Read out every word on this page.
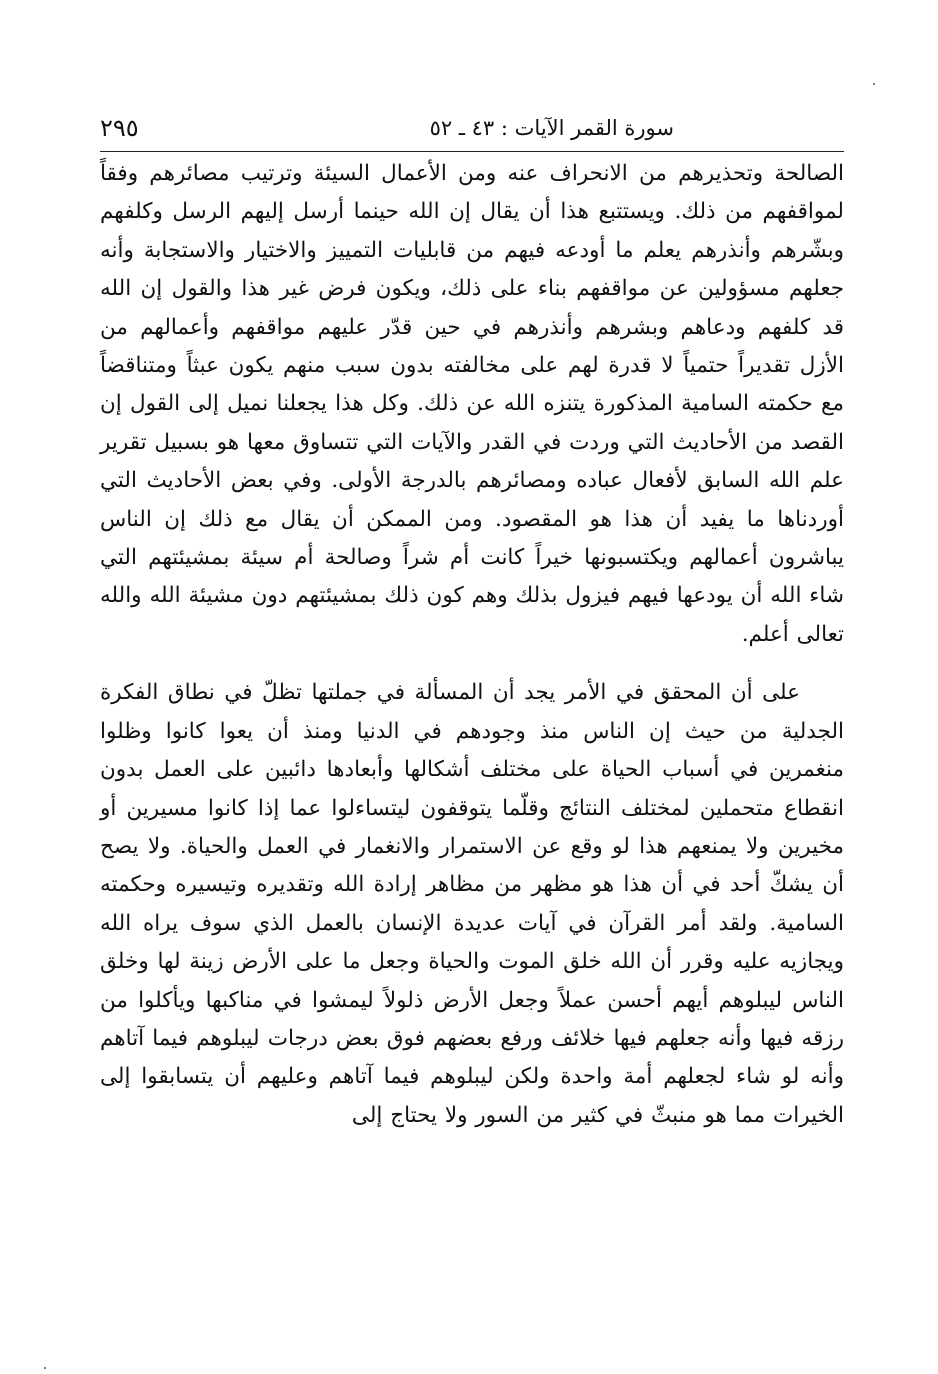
سورة القمر الآيات : ٤٣ ـ ٥٢
٢٩٥

الصالحة وتحذيرهم من الانحراف عنه ومن الأعمال السيئة وترتيب مصائرهم وفقاً لمواقفهم من ذلك. ويستتبع هذا أن يقال إن الله حينما أرسل إليهم الرسل وكلفهم وبشّرهم وأنذرهم يعلم ما أودعه فيهم من قابليات التمييز والاختيار والاستجابة وأنه جعلهم مسؤولين عن مواقفهم بناء على ذلك، ويكون فرض غير هذا والقول إن الله قد كلفهم ودعاهم وبشرهم وأنذرهم في حين قدّر عليهم مواقفهم وأعمالهم من الأزل تقديراً حتمياً لا قدرة لهم على مخالفته بدون سبب منهم يكون عبثاً ومتناقضاً مع حكمته السامية المذكورة يتنزه الله عن ذلك. وكل هذا يجعلنا نميل إلى القول إن القصد من الأحاديث التي وردت في القدر والآيات التي تتساوق معها هو بسبيل تقرير علم الله السابق لأفعال عباده ومصائرهم بالدرجة الأولى. وفي بعض الأحاديث التي أوردناها ما يفيد أن هذا هو المقصود. ومن الممكن أن يقال مع ذلك إن الناس يباشرون أعمالهم ويكتسبونها خيراً كانت أم شراً وصالحة أم سيئة بمشيئتهم التي شاء الله أن يودعها فيهم فيزول بذلك وهم كون ذلك بمشيئتهم دون مشيئة الله والله تعالى أعلم.

على أن المحقق في الأمر يجد أن المسألة في جملتها تظلّ في نطاق الفكرة الجدلية من حيث إن الناس منذ وجودهم في الدنيا ومنذ أن يعوا كانوا وظلوا منغمرين في أسباب الحياة على مختلف أشكالها وأبعادها دائبين على العمل بدون انقطاع متحملين لمختلف النتائج وقلّما يتوقفون ليتساءلوا عما إذا كانوا مسيرين أو مخيرين ولا يمنعهم هذا لو وقع عن الاستمرار والانغمار في العمل والحياة. ولا يصح أن يشكّ أحد في أن هذا هو مظهر من مظاهر إرادة الله وتقديره وتيسيره وحكمته السامية. ولقد أمر القرآن في آيات عديدة الإنسان بالعمل الذي سوف يراه الله ويجازيه عليه وقرر أن الله خلق الموت والحياة وجعل ما على الأرض زينة لها وخلق الناس ليبلوهم أيهم أحسن عملاً وجعل الأرض ذلولاً ليمشوا في مناكبها ويأكلوا من رزقه فيها وأنه جعلهم فيها خلائف ورفع بعضهم فوق بعض درجات ليبلوهم فيما آتاهم وأنه لو شاء لجعلهم أمة واحدة ولكن ليبلوهم فيما آتاهم وعليهم أن يتسابقوا إلى الخيرات مما هو منبثّ في كثير من السور ولا يحتاج إلى
